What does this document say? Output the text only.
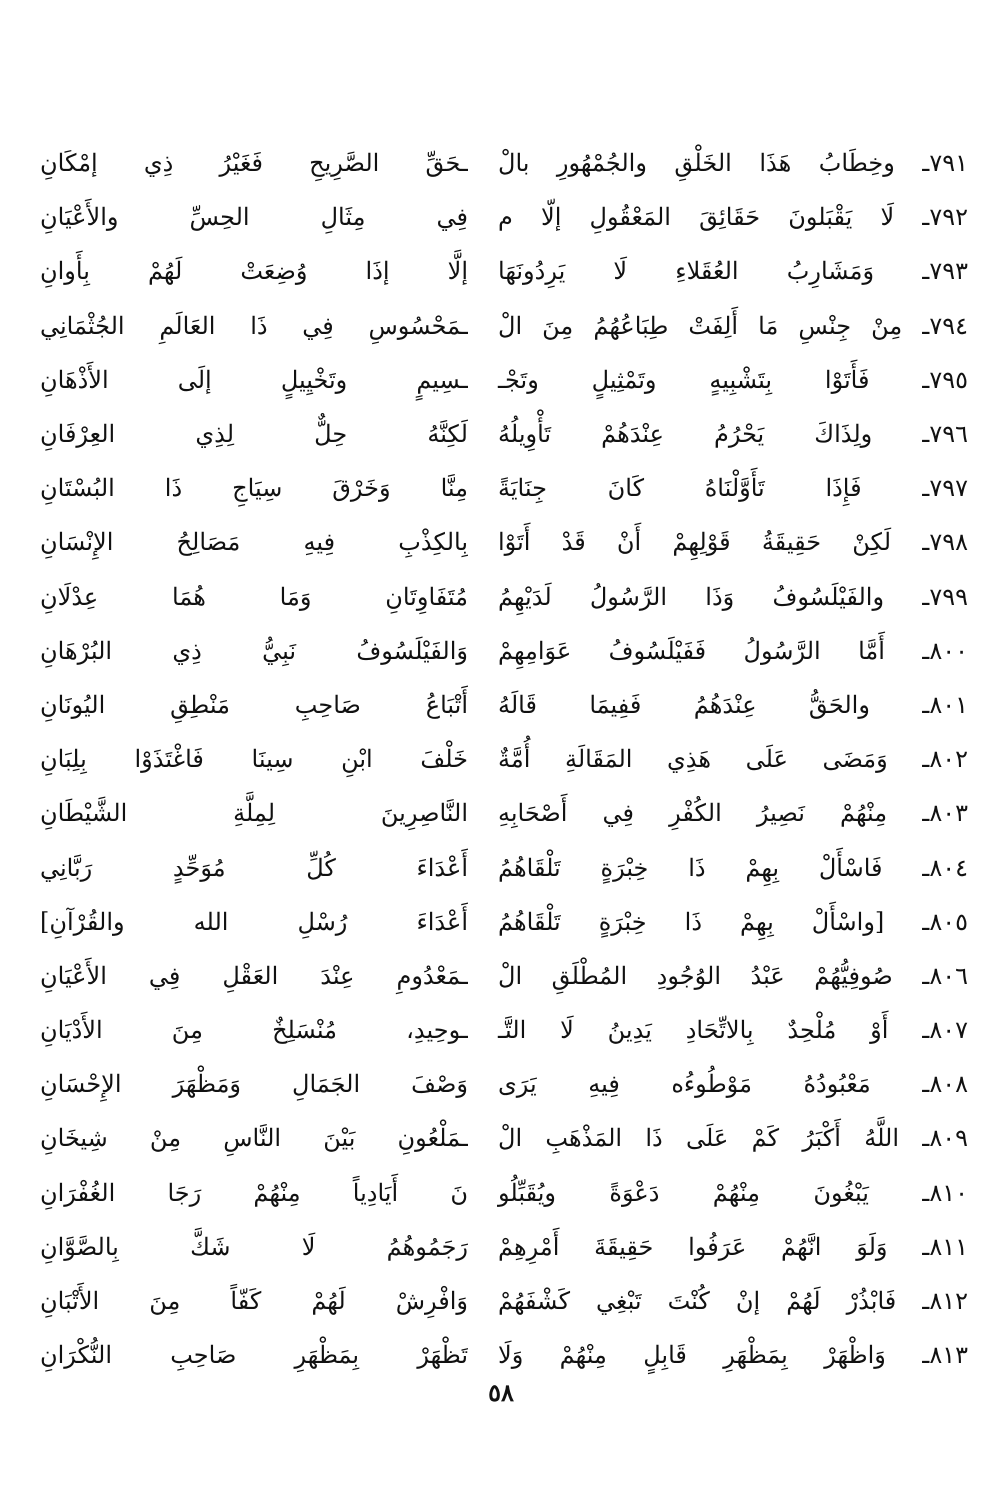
٧٩١ـ وخِطَابُ هَذَا الخَلْقِ والجُمْهُورِ بالْ
ـحَقِّ الصَّرِيحِ فَغَيْرُ ذِي إمْكَانِ
٧٩٢ـ لَا يَقْبَلونَ حَقَائِقَ المَعْقُولِ إلّا م
فِي مِثَالِ الحِسِّ والأَعْيَانِ
٧٩٣ـ وَمَشَارِبُ العُقَلاءِ لَا يَرِدُونَهَا
إلَّا إذَا وُضِعَتْ لَهُمْ بِأَوانِ
٧٩٤ـ مِنْ جِنْسِ مَا أَلِفَتْ طِبَاعُهُمُ مِنَ الْ
ـمَحْسُوسِ فِي ذَا العَالَمِ الجُثْمَانِي
٧٩٥ـ فَأَتَوْا بِتَشْبِيهٍ وتَمْثِيلٍ وتَجْـ
ـسِيمٍ وتَخْيِيلٍ إلَى الأَذْهَانِ
٧٩٦ـ ولِذَاكَ يَحْرُمُ عِنْدَهُمْ تَأْوِيلُهُ
لَكِنَّهُ حِلٌّ لِذِي العِرْفَانِ
٧٩٧ـ فَإِذَا تَأَوَّلْنَاهُ كَانَ جِنَايَةً
مِنَّا وَخَرْقَ سِيَاجِ ذَا البُسْتَانِ
٧٩٨ـ لَكِنْ حَقِيقَةُ قَوْلِهِمْ أَنْ قَدْ أَتَوْا
بِالكِذْبِ فِيهِ مَصَالِحُ الإِنْسَانِ
٧٩٩ـ والفَيْلَسُوفُ وَذَا الرَّسُولُ لَدَيْهِمُ
مُتَفَاوِتَانِ وَمَا هُمَا عِدْلَانِ
٨٠٠ـ أَمَّا الرَّسُولُ فَفَيْلَسُوفُ عَوَامِهِمْ
وَالفَيْلَسُوفُ نَبِيُّ ذِي البُرْهَانِ
٨٠١ـ والحَقُّ عِنْدَهُمُ فَفِيمَا قَالَهُ
أَتْبَاعُ صَاحِبِ مَنْطِقِ اليُونَانِ
٨٠٢ـ وَمَضَى عَلَى هَذِي المَقَالَةِ أُمَّةٌ
خَلْفَ ابْنِ سِينَا فَاغْتَذَوْا بِلِبَانِ
٨٠٣ـ مِنْهُمْ نَصِيرُ الكُفْرِ فِي أَصْحَابِهِ
النَّاصِرِينَ لِمِلَّةِ الشَّيْطَانِ
٨٠٤ـ فَاسْأَلْ بِهِمْ ذَا خِبْرَةٍ تَلْقَاهُمُ
أَعْدَاءَ كُلِّ مُوَحِّدٍ رَبَّانِي
٨٠٥ـ [واسْأَلْ بِهِمْ ذَا خِبْرَةٍ تَلْقَاهُمُ
أَعْدَاءَ رُسْلِ الله والقُرْآنِ]
٨٠٦ـ صُوفِيُّهُمْ عَبْدُ الوُجُودِ المُطْلَقِ الْ
ـمَعْدُومِ عِنْدَ العَقْلِ فِي الأَعْيَانِ
٨٠٧ـ أَوْ مُلْحِدٌ بِالاتِّحَادِ يَدِينُ لَا التَّـ
ـوحِيدِ، مُنْسَلِخٌ مِنَ الأَدْيَانِ
٨٠٨ـ مَعْبُودُهُ مَوْطُوءُه فِيهِ يَرَى
وَصْفَ الجَمَالِ وَمَظْهَرَ الإِحْسَانِ
٨٠٩ـ اللَّهُ أَكْبَرُ كَمْ عَلَى ذَا المَذْهَبِ الْ
ـمَلْعُونِ بَيْنَ النَّاسِ مِنْ شِيخَانِ
٨١٠ـ يَبْغُونَ مِنْهُمْ دَعْوَةً ويُقَبِّلُو
نَ أَيَادِياً مِنْهُمْ رَجَا الغُفْرَانِ
٨١١ـ وَلَوَ انَّهُمْ عَرَفُوا حَقِيقَةَ أَمْرِهِمْ
رَجَمُوهُمُ لَا شَكَّ بِالصَّوَّانِ
٨١٢ـ فَابْذُرْ لَهُمْ إنْ كُنْتَ تَبْغِي كَشْفَهُمْ
وَافْرِشْ لَهُمْ كَفّاً مِنَ الأَتْبَانِ
٨١٣ـ وَاظْهَرْ بِمَظْهَرِ قَابِلٍ مِنْهُمْ وَلَا
تَظْهَرْ بِمَظْهَرِ صَاحِبِ النُّكْرَانِ
٥٨
